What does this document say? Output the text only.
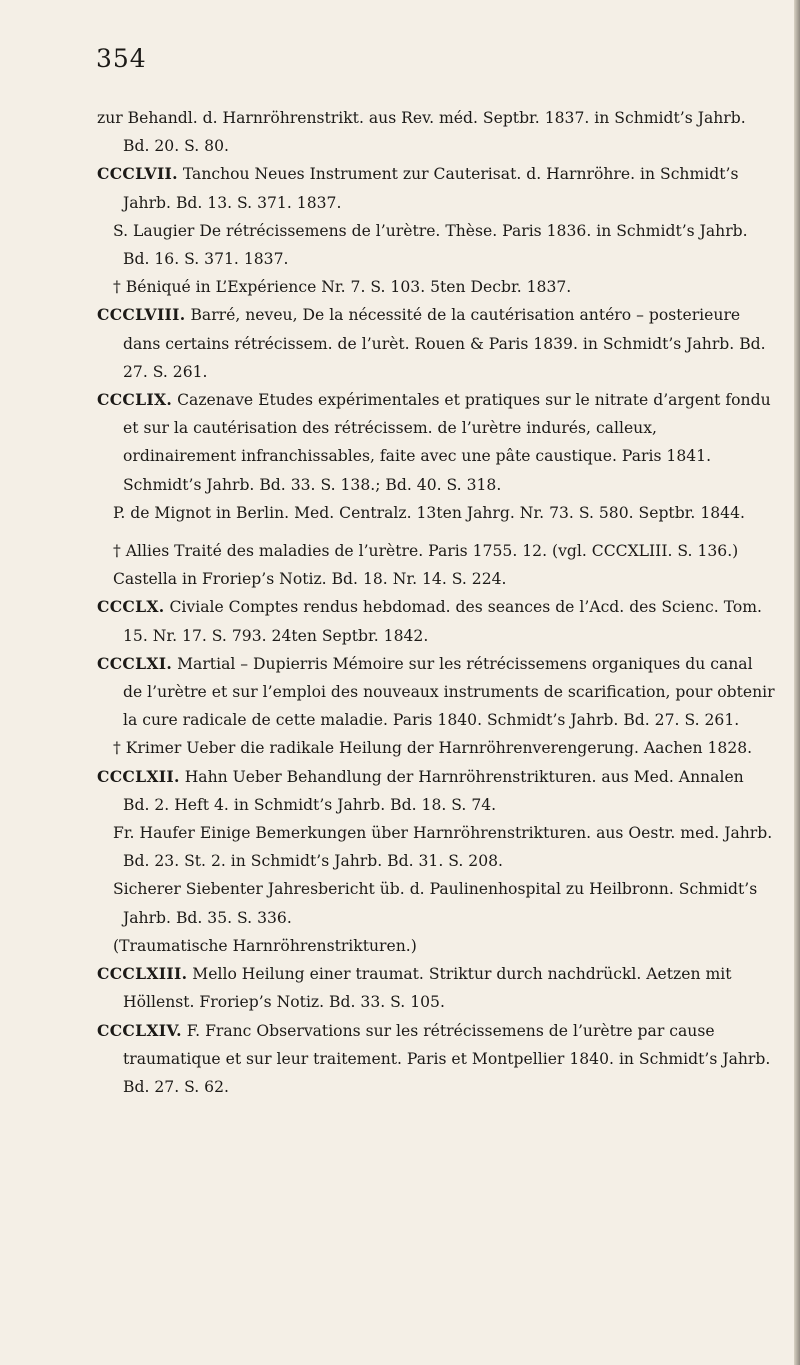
354

zur Behandl. d. Harnröhrenstrikt. aus Rev. méd. Septbr. 1837. in Schmidt’s Jahrb. Bd. 20. S. 80.

CCCLVII. Tanchou Neues Instrument zur Cauterisat. d. Harnröhre. in Schmidt’s Jahrb. Bd. 13. S. 371. 1837.

S. Laugier De rétrécissemens de l’urètre. Thèse. Paris 1836. in Schmidt’s Jahrb. Bd. 16. S. 371. 1837.

† Béniqué in L’Expérience Nr. 7. S. 103. 5ten Decbr. 1837.

CCCLVIII. Barré, neveu, De la nécessité de la cautérisation antéro – posterieure dans certains rétrécissem. de l’urèt. Rouen & Paris 1839. in Schmidt’s Jahrb. Bd. 27. S. 261.

CCCLIX. Cazenave Etudes expérimentales et pratiques sur le nitrate d’argent fondu et sur la cautérisation des rétrécissem. de l’urètre indurés, calleux, ordinairement infranchissables, faite avec une pâte caustique. Paris 1841. Schmidt’s Jahrb. Bd. 33. S. 138.; Bd. 40. S. 318.

P. de Mignot in Berlin. Med. Centralz. 13ten Jahrg. Nr. 73. S. 580. Septbr. 1844.

† Allies Traité des maladies de l’urètre. Paris 1755. 12. (vgl. CCCXLIII. S. 136.)

Castella in Froriep’s Notiz. Bd. 18. Nr. 14. S. 224.

CCCLX. Civiale Comptes rendus hebdomad. des seances de l’Acd. des Scienc. Tom. 15. Nr. 17. S. 793. 24ten Septbr. 1842.

CCCLXI. Martial – Dupierris Mémoire sur les rétrécissemens organiques du canal de l’urètre et sur l’emploi des nouveaux instruments de scarification, pour obtenir la cure radicale de cette maladie. Paris 1840. Schmidt’s Jahrb. Bd. 27. S. 261.

† Krimer Ueber die radikale Heilung der Harnröhrenverengerung. Aachen 1828.

CCCLXII. Hahn Ueber Behandlung der Harnröhrenstrikturen. aus Med. Annalen Bd. 2. Heft 4. in Schmidt’s Jahrb. Bd. 18. S. 74.

Fr. Haufer Einige Bemerkungen über Harnröhrenstrikturen. aus Oestr. med. Jahrb. Bd. 23. St. 2. in Schmidt’s Jahrb. Bd. 31. S. 208.

Sicherer Siebenter Jahresbericht üb. d. Paulinenhospital zu Heilbronn. Schmidt’s Jahrb. Bd. 35. S. 336.

(Traumatische Harnröhrenstrikturen.)

CCCLXIII. Mello Heilung einer traumat. Striktur durch nachdrückl. Aetzen mit Höllenst. Froriep’s Notiz. Bd. 33. S. 105.

CCCLXIV. F. Franc Observations sur les rétrécissemens de l’urètre par cause traumatique et sur leur traitement. Paris et Montpellier 1840. in Schmidt’s Jahrb. Bd. 27. S. 62.
